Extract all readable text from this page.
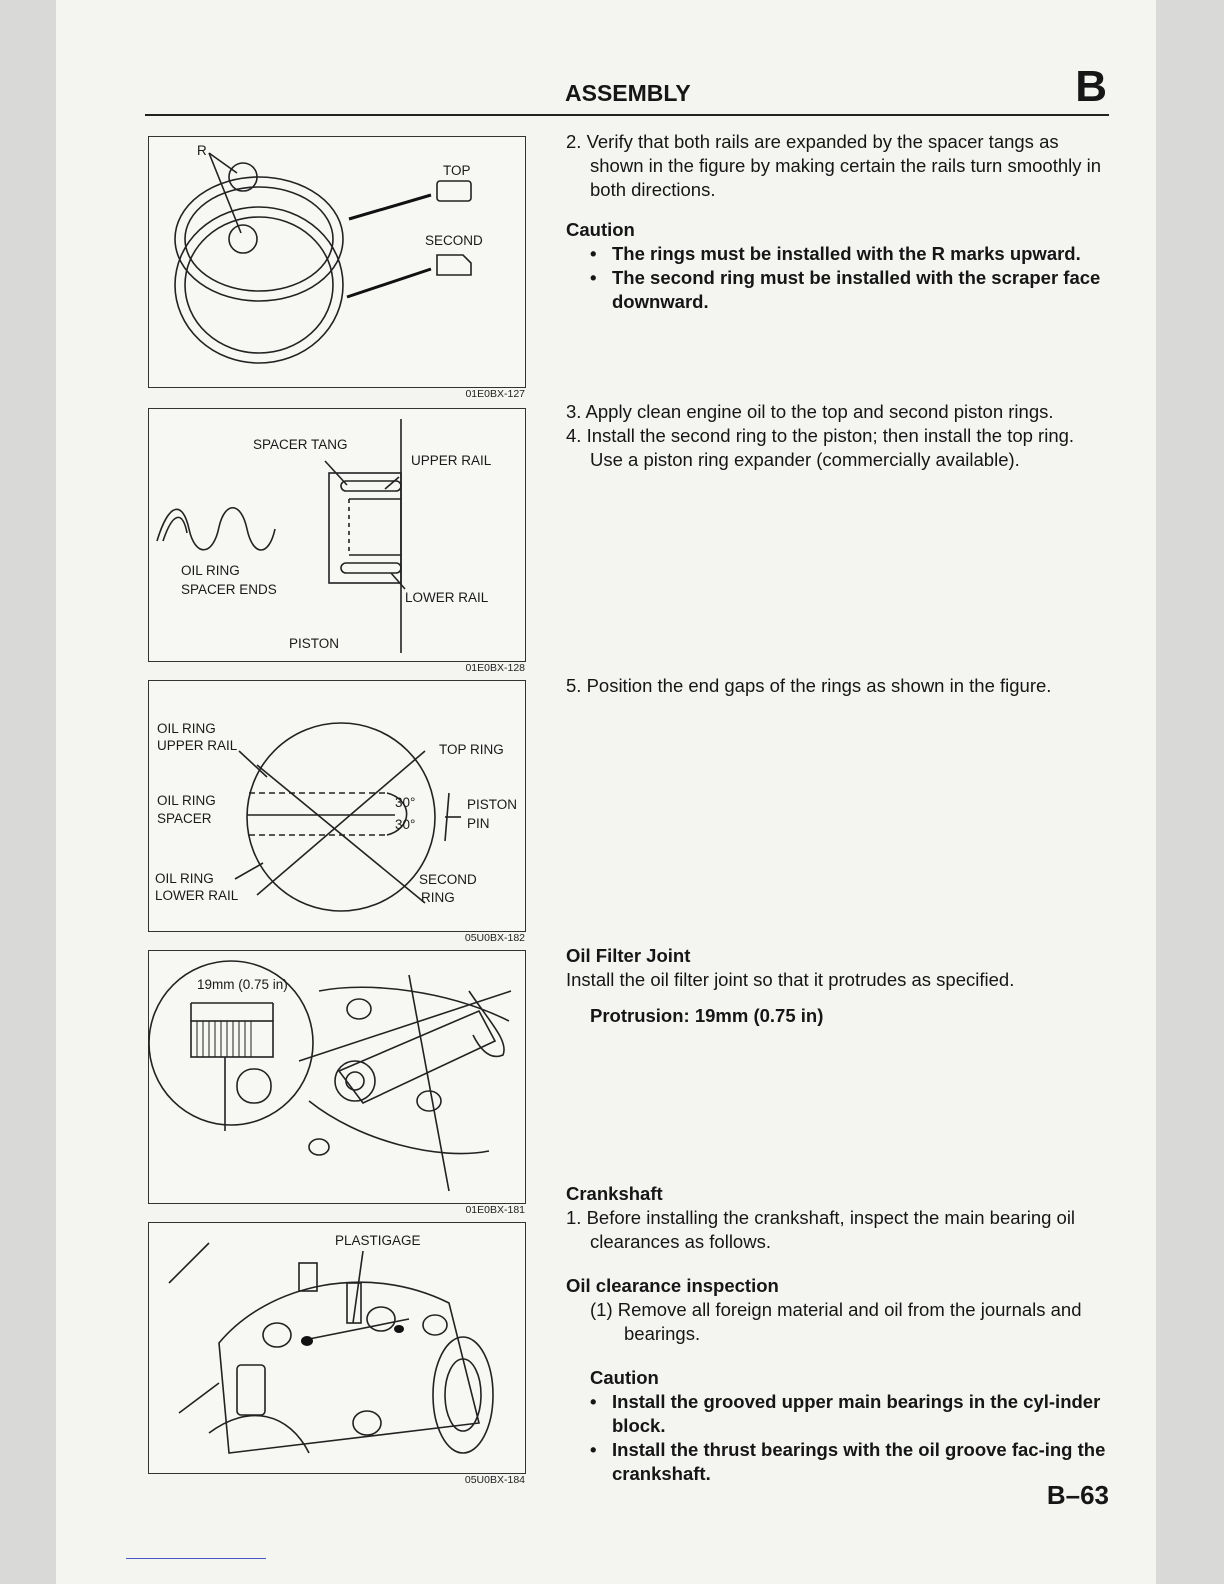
ASSEMBLY	B
R
TOP
SECOND
01E0BX-127
SPACER TANG
UPPER RAIL
OIL RING
SPACER ENDS
LOWER RAIL
PISTON
01E0BX-128
OIL RING
UPPER RAIL	TOP RING
OIL RING
SPACER
30°
30°
PISTON
PIN
OIL RING
LOWER RAIL
SECOND
RING
05U0BX-182
19mm (0.75 in)
01E0BX-181
PLASTIGAGE
05U0BX-184

2. Verify that both rails are expanded by the spacer tangs as shown in the figure by making certain the rails turn smoothly in both directions.

Caution

• The rings must be installed with the R marks upward.

• The second ring must be installed with the scraper face downward.

3. Apply clean engine oil to the top and second piston rings.

4. Install the second ring to the piston; then install the top ring. Use a piston ring expander (commercially available).

5. Position the end gaps of the rings as shown in the figure.

Oil Filter Joint

Install the oil filter joint so that it protrudes as specified.

Protrusion: 19mm (0.75 in)

Crankshaft

1. Before installing the crankshaft, inspect the main bearing oil clearances as follows.

Oil clearance inspection

(1) Remove all foreign material and oil from the journals and bearings.

Caution

• Install the grooved upper main bearings in the cyl-inder block.

• Install the thrust bearings with the oil groove fac-ing the crankshaft.

B–63
